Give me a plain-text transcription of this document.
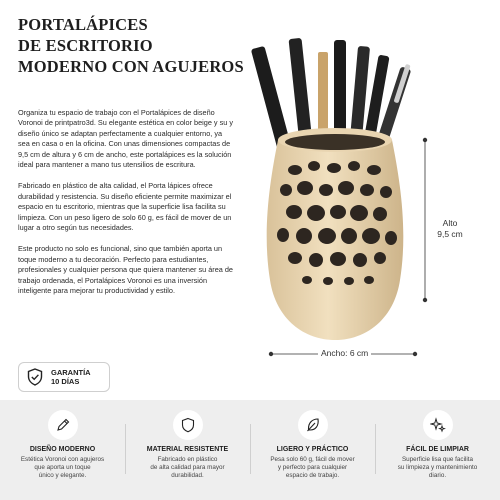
PORTALÁPICES
DE ESCRITORIO
MODERNO CON AGUJEROS

Organiza tu espacio de trabajo con el Portalápices de diseño Voronoi de printpatro3d. Su elegante estética en color beige y su y diseño único se adaptan perfectamente a cualquier entorno, ya sea en casa o en la oficina. Con unas dimensiones compactas de 9,5 cm de altura y 6 cm de ancho, este portalápices es la solución ideal para mantener a mano tus utensilios de escritura.

Fabricado en plástico de alta calidad, el Porta lápices ofrece durabilidad y resistencia. Su diseño eficiente permite maximizar el espacio en tu escritorio, mientras que la superficie lisa facilita su limpieza. Con un peso ligero de solo 60 g, es fácil de mover de un lugar a otro según tus necesidades.

Este producto no solo es funcional, sino que también aporta un toque moderno a tu decoración. Perfecto para estudiantes, profesionales y cualquier persona que quiera mantener su área de trabajo ordenada, el Portalápices Voronoi es una inversión inteligente para mejorar tu productividad y estilo.

GARANTÍA
10 DÍAS
Alto
9,5 cm
Ancho: 6 cm
DISEÑO MODERNO
Estética Voronoi con agujeros
que aporta un toque
único y elegante.
MATERIAL RESISTENTE
Fabricado en plástico
de alta calidad para mayor
durabilidad.
LIGERO Y PRÁCTICO
Pesa solo 60 g, fácil de mover
y perfecto para cualquier
espacio de trabajo.
FÁCIL DE LIMPIAR
Superficie lisa que facilita
su limpieza y mantenimiento
diario.
